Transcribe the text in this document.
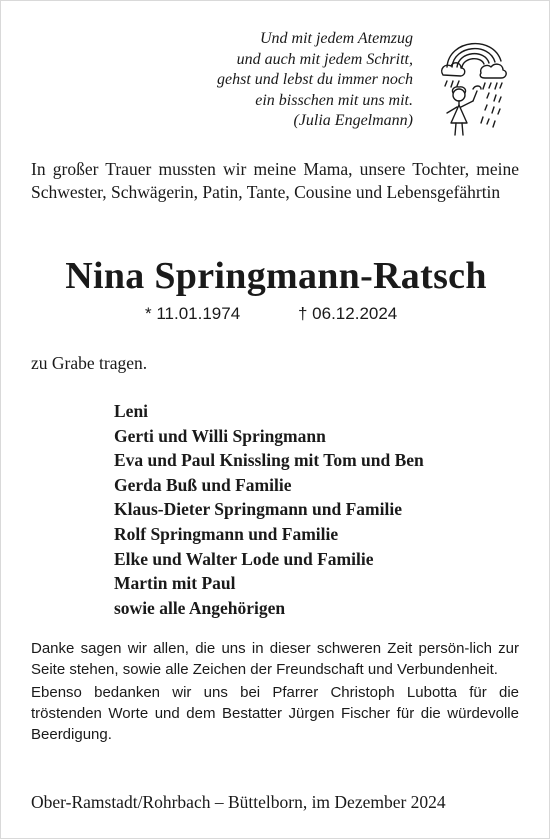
Und mit jedem Atemzug
und auch mit jedem Schritt,
gehst und lebst du immer noch
ein bisschen mit uns mit.
(Julia Engelmann)
In großer Trauer mussten wir meine Mama, unsere Tochter, meine Schwester, Schwägerin, Patin, Tante, Cousine und Lebensgefährtin
Nina Springmann-Ratsch
* 11.01.1974	† 06.12.2024
zu Grabe tragen.
Leni
Gerti und Willi Springmann
Eva und Paul Knissling mit Tom und Ben
Gerda Buß und Familie
Klaus-Dieter Springmann und Familie
Rolf Springmann und Familie
Elke und Walter Lode und Familie
Martin mit Paul
sowie alle Angehörigen

Danke sagen wir allen, die uns in dieser schweren Zeit persön-lich zur Seite stehen, sowie alle Zeichen der Freundschaft und Verbundenheit.

Ebenso bedanken wir uns bei Pfarrer Christoph Lubotta für die tröstenden Worte und dem Bestatter Jürgen Fischer für die würdevolle Beerdigung.

Ober-Ramstadt/Rohrbach – Büttelborn, im Dezember 2024
